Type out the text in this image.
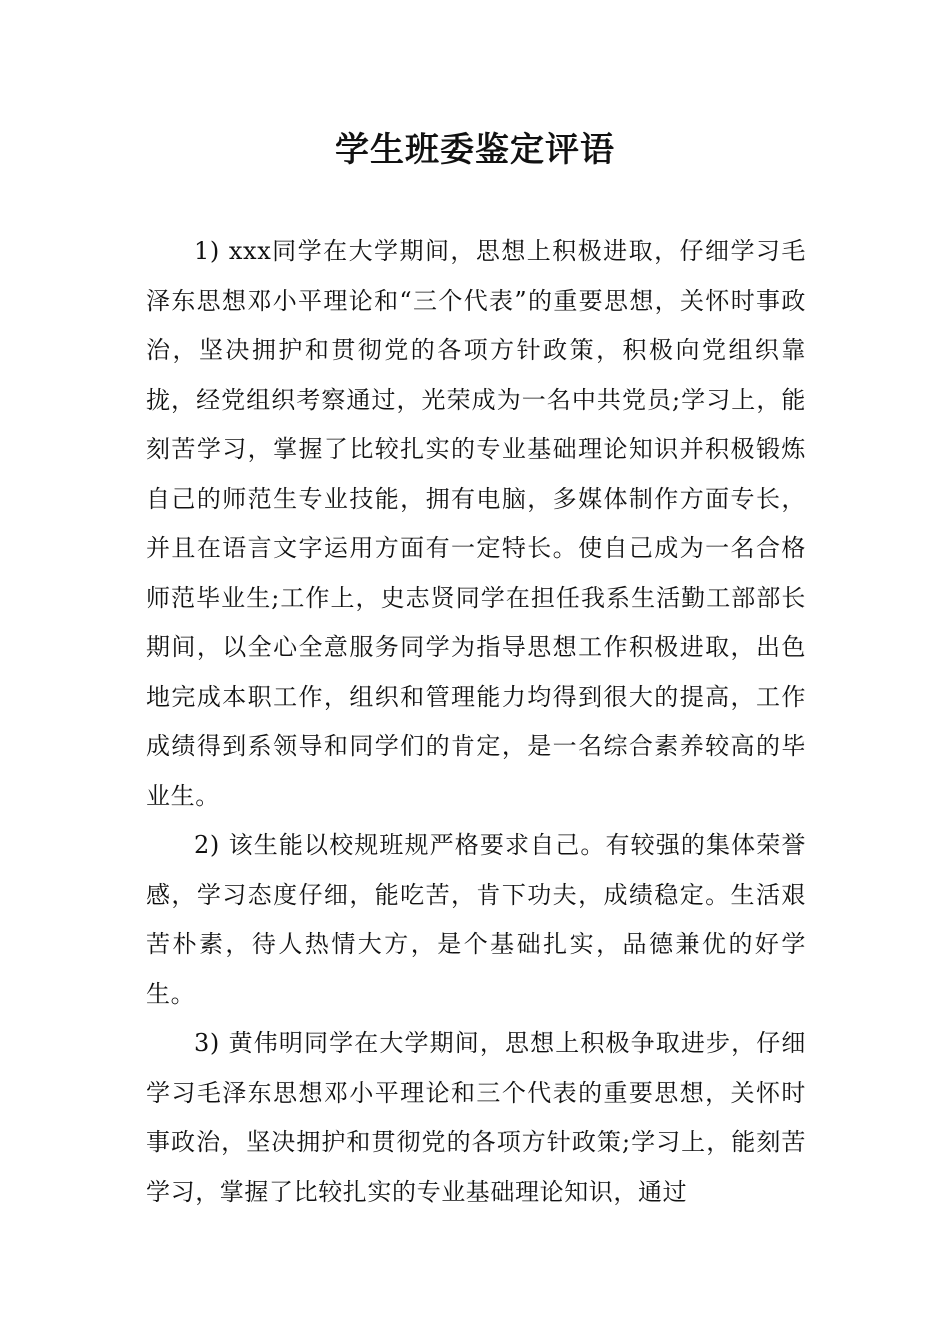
学生班委鉴定评语

1) xxx同学在大学期间，思想上积极进取，仔细学习毛泽东思想邓小平理论和“三个代表”的重要思想，关怀时事政治，坚决拥护和贯彻党的各项方针政策，积极向党组织靠拢，经党组织考察通过，光荣成为一名中共党员;学习上，能刻苦学习，掌握了比较扎实的专业基础理论知识并积极锻炼自己的师范生专业技能，拥有电脑，多媒体制作方面专长，并且在语言文字运用方面有一定特长。使自己成为一名合格师范毕业生;工作上，史志贤同学在担任我系生活勤工部部长期间，以全心全意服务同学为指导思想工作积极进取，出色地完成本职工作，组织和管理能力均得到很大的提高，工作成绩得到系领导和同学们的肯定，是一名综合素养较高的毕业生。

2) 该生能以校规班规严格要求自己。有较强的集体荣誉感，学习态度仔细，能吃苦，肯下功夫，成绩稳定。生活艰苦朴素，待人热情大方，是个基础扎实，品德兼优的好学生。

3) 黄伟明同学在大学期间，思想上积极争取进步，仔细学习毛泽东思想邓小平理论和三个代表的重要思想，关怀时事政治，坚决拥护和贯彻党的各项方针政策;学习上，能刻苦学习，掌握了比较扎实的专业基础理论知识，通过
